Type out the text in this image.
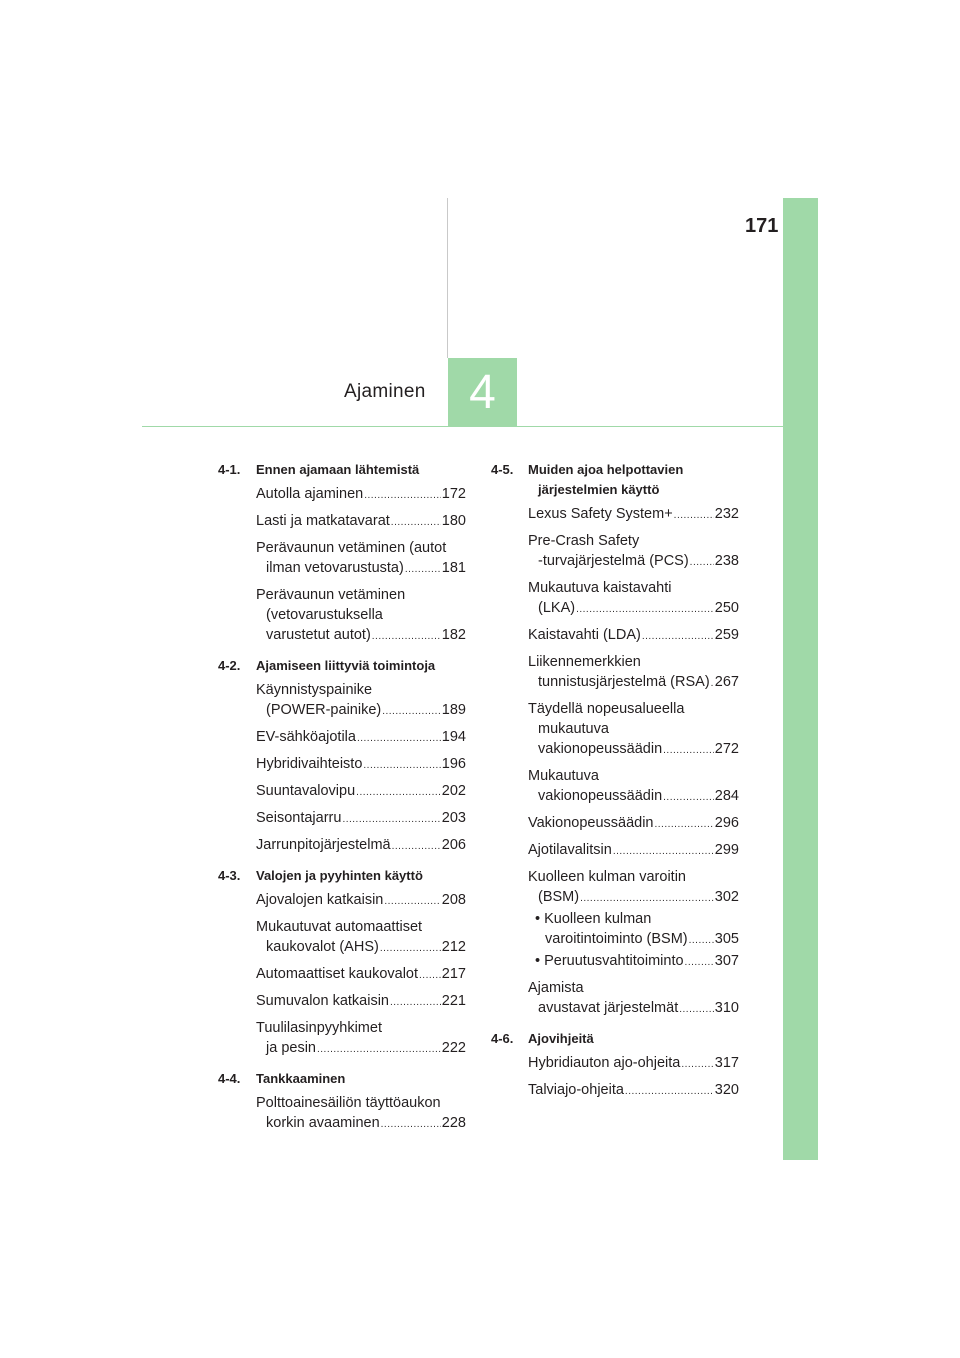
4
Ajaminen
171
4-1.	Ennen ajamaan lähtemistä
Autolla ajaminen .....	172
Lasti ja matkatavarat .....	180
Perävaunun vetäminen (autot
ilman vetovarustusta) .....	181
Perävaunun vetäminen
(vetovarustuksella
varustetut autot) .....	182
4-2.	Ajamiseen liittyviä toimintoja
Käynnistyspainike
(POWER-painike) .....	189
EV-sähköajotila .....	194
Hybridivaihteisto .....	196
Suuntavalovipu .....	202
Seisontajarru .....	203
Jarrunpitojärjestelmä .....	206
4-3.	Valojen ja pyyhinten käyttö
Ajovalojen katkaisin .....	208
Mukautuvat automaattiset
kaukovalot (AHS) .....	212
Automaattiset kaukovalot ..... 217
Sumuvalon katkaisin .....	221
Tuulilasinpyyhkimet
ja pesin .....	222
4-4.	Tankkaaminen
Polttoainesäiliön täyttöaukon
korkin avaaminen .....	228
4-5.	Muiden ajoa helpottavien

järjestelmien käyttö
Lexus Safety System+ .....	232
Pre-Crash Safety
-turvajärjestelmä (PCS) ..... 238
Mukautuva kaistavahti
(LKA) .....	250
Kaistavahti (LDA) .....	259
Liikennemerkkien
tunnistusjärjestelmä (RSA) ..... 267
Täydellä nopeusalueella
mukautuva
vakionopeussäädin .....	272
Mukautuva
vakionopeussäädin .....	284
Vakionopeussäädin .....	296
Ajotilavalitsin .....	299
Kuolleen kulman varoitin
(BSM) .....	302
• Kuolleen kulman
varoitintoiminto (BSM) ..... 305
• Peruutusvahtitoiminto ..... 307
Ajamista
avustavat järjestelmät .....	310
4-6.	Ajovihjeitä
Hybridiauton ajo-ohjeita ..... 317
Talviajo-ohjeita .....	320
